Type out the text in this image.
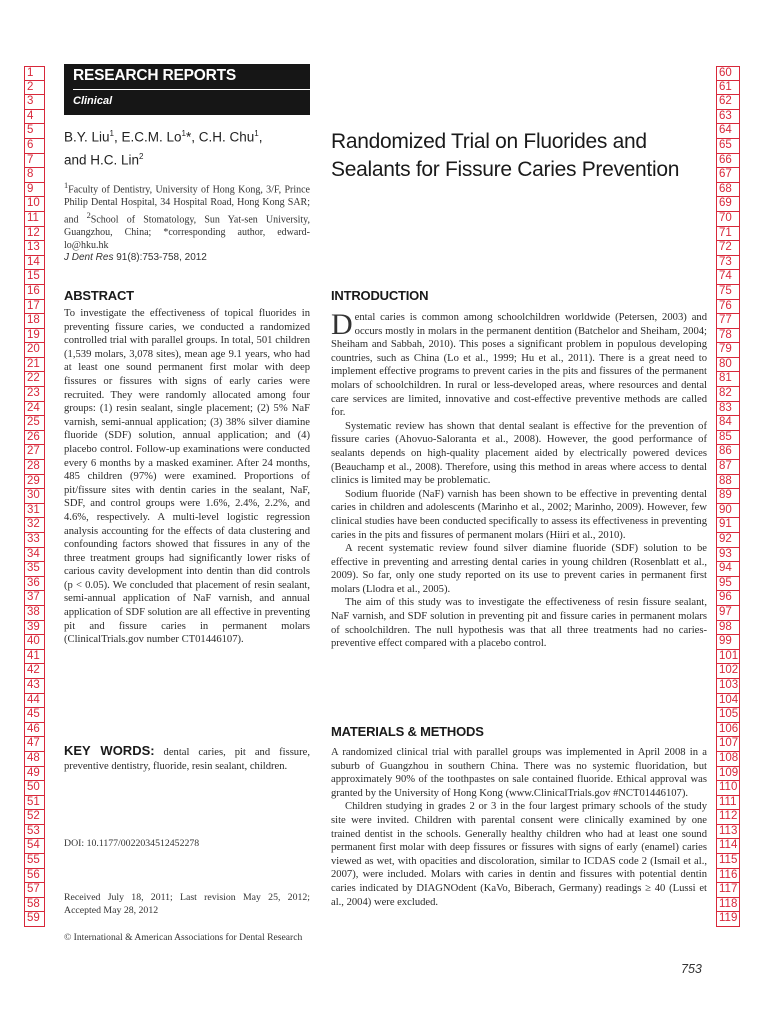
1
2
3
4
5
6
7
8
9
10
11
12
13
14
15
16
17
18
19
20
21
22
23
24
25
26
27
28
29
30
31
32
33
34
35
36
37
38
39
40
41
42
43
44
45
46
47
48
49
50
51
52
53
54
55
56
57
58
59
60
61
62
63
64
65
66
67
68
69
70
71
72
73
74
75
76
77
78
79
80
81
82
83
84
85
86
87
88
89
90
91
92
93
94
95
96
97
98
99
101
102
103
104
105
106
107
108
109
110
111
112
113
114
115
116
117
118
119
RESEARCH REPORTS
Clinical
B.Y. Liu$^1$, E.C.M. Lo$^1$*, C.H. Chu$^1$,
and H.C. Lin$^2$
$^1$Faculty of Dentistry, University of Hong Kong, 3/F, Prince Philip Dental Hospital, 34 Hospital Road, Hong Kong SAR; and $^2$School of Stomatology, Sun Yat-sen University, Guangzhou, China; *corresponding author, edward-lo@hku.hk
J Dent Res 91(8):753-758, 2012
Randomized Trial on Fluorides and Sealants for Fissure Caries Prevention
ABSTRACT

To investigate the effectiveness of topical fluorides in preventing fissure caries, we conducted a randomized controlled trial with parallel groups. In total, 501 children (1,539 molars, 3,078 sites), mean age 9.1 years, who had at least one sound permanent first molar with deep fissures or fissures with signs of early caries were recruited. They were randomly allocated among four groups: (1) resin sealant, single placement; (2) 5% NaF varnish, semi-annual application; (3) 38% silver diamine fluoride (SDF) solution, annual application; and (4) placebo control. Follow-up examinations were conducted every 6 months by a masked examiner. After 24 months, 485 children (97%) were examined. Proportions of pit/fissure sites with dentin caries in the sealant, NaF, SDF, and control groups were 1.6%, 2.4%, 2.2%, and 4.6%, respectively. A multi-level logistic regression analysis accounting for the effects of data clustering and confounding factors showed that fissures in any of the three treatment groups had significantly lower risks of carious cavity development into dentin than did controls (p < 0.05). We concluded that placement of resin sealant, semi-annual application of NaF varnish, and annual application of SDF solution are all effective in preventing pit and fissure caries in permanent molars (ClinicalTrials.gov number CT01446107).

KEY WORDS: dental caries, pit and fissure, preventive dentistry, fluoride, resin sealant, children.
DOI: 10.1177/0022034512452278
Received July 18, 2011; Last revision May 25, 2012; Accepted May 28, 2012
© International & American Associations for Dental Research
INTRODUCTION

Dental caries is common among schoolchildren worldwide (Petersen, 2003) and occurs mostly in molars in the permanent dentition (Batchelor and Sheiham, 2004; Sheiham and Sabbah, 2010). This poses a significant problem in populous developing countries, such as China (Lo et al., 1999; Hu et al., 2011). There is a great need to implement effective programs to prevent caries in the pits and fissures of the permanent molars of schoolchildren. In rural or less-developed areas, where resources and dental care services are limited, innovative and cost-effective preventive methods are called for.

Systematic review has shown that dental sealant is effective for the prevention of fissure caries (Ahovuo-Saloranta et al., 2008). However, the good performance of sealants depends on high-quality placement aided by electrically powered devices (Beauchamp et al., 2008). Therefore, using this method in areas where access to dental clinics is limited may be problematic.

Sodium fluoride (NaF) varnish has been shown to be effective in preventing dental caries in children and adolescents (Marinho et al., 2002; Marinho, 2009). However, few clinical studies have been conducted specifically to assess its effectiveness in preventing caries in the pits and fissures of permanent molars (Hiiri et al., 2010).

A recent systematic review found silver diamine fluoride (SDF) solution to be effective in preventing and arresting dental caries in young children (Rosenblatt et al., 2009). So far, only one study reported on its use to prevent caries in permanent first molars (Llodra et al., 2005).

The aim of this study was to investigate the effectiveness of resin fissure sealant, NaF varnish, and SDF solution in preventing pit and fissure caries in permanent molars of schoolchildren. The null hypothesis was that all three treatments had no caries-preventive effect compared with a placebo control.

MATERIALS & METHODS

A randomized clinical trial with parallel groups was implemented in April 2008 in a suburb of Guangzhou in southern China. There was no systemic fluoridation, but approximately 90% of the toothpastes on sale contained fluoride. Ethical approval was granted by the University of Hong Kong (www.ClinicalTrials.gov #NCT01446107).

Children studying in grades 2 or 3 in the four largest primary schools of the study site were invited. Children with parental consent were clinically examined by one trained dentist in the schools. Generally healthy children who had at least one sound permanent first molar with deep fissures or fissures with signs of early (enamel) caries viewed as wet, with opacities and discoloration, similar to ICDAS code 2 (Ismail et al., 2007), were included. Molars with caries in dentin and fissures with potential dentin caries indicated by DIAGNOdent (KaVo, Biberach, Germany) readings ≥ 40 (Lussi et al., 2004) were excluded.

753
